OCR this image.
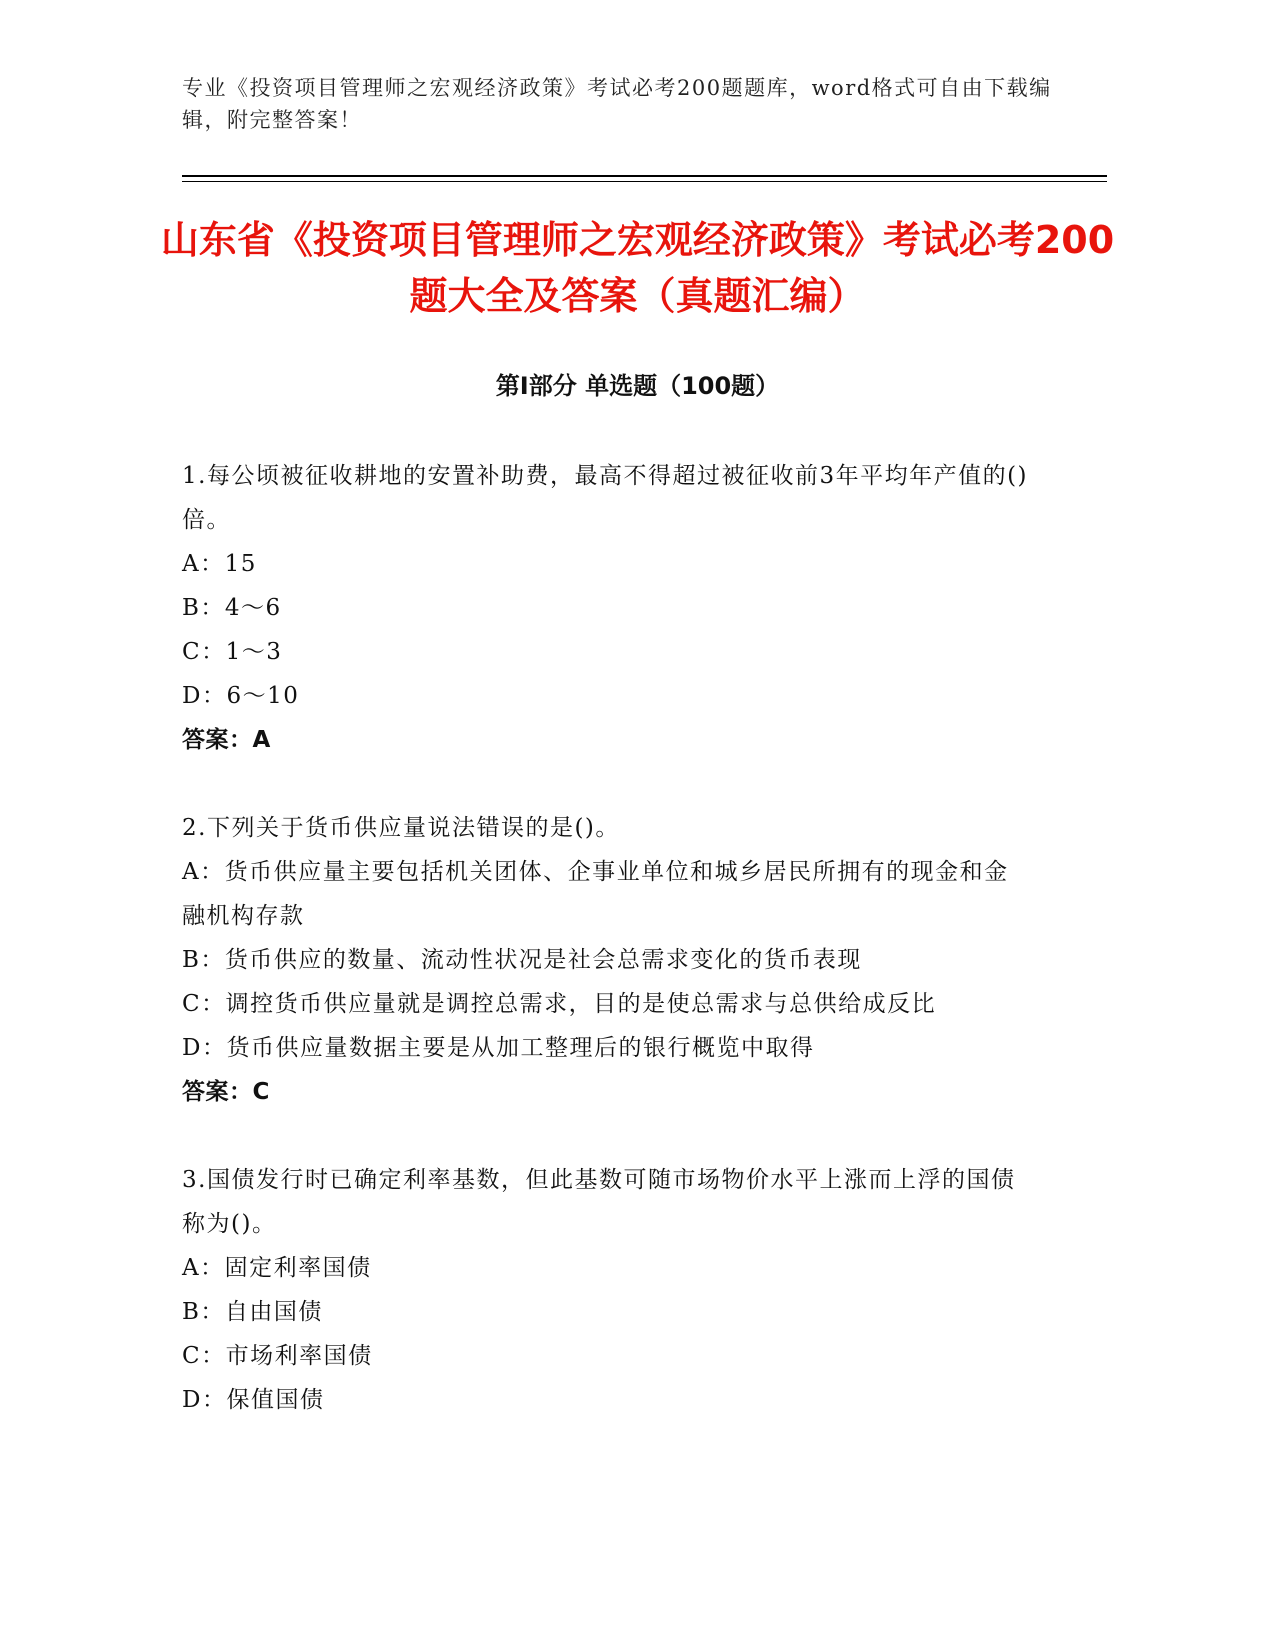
专业《投资项目管理师之宏观经济政策》考试必考200题题库，word格式可自由下载编辑，附完整答案！
山东省《投资项目管理师之宏观经济政策》考试必考200题大全及答案（真题汇编）
第I部分 单选题（100题）

1.每公顷被征收耕地的安置补助费，最高不得超过被征收前3年平均年产值的()倍。

A：15

B：4～6

C：1～3

D：6～10

答案：A

2.下列关于货币供应量说法错误的是()。

A：货币供应量主要包括机关团体、企事业单位和城乡居民所拥有的现金和金融机构存款

B：货币供应的数量、流动性状况是社会总需求变化的货币表现

C：调控货币供应量就是调控总需求，目的是使总需求与总供给成反比

D：货币供应量数据主要是从加工整理后的银行概览中取得

答案：C

3.国债发行时已确定利率基数，但此基数可随市场物价水平上涨而上浮的国债称为()。

A：固定利率国债

B：自由国债

C：市场利率国债

D：保值国债
